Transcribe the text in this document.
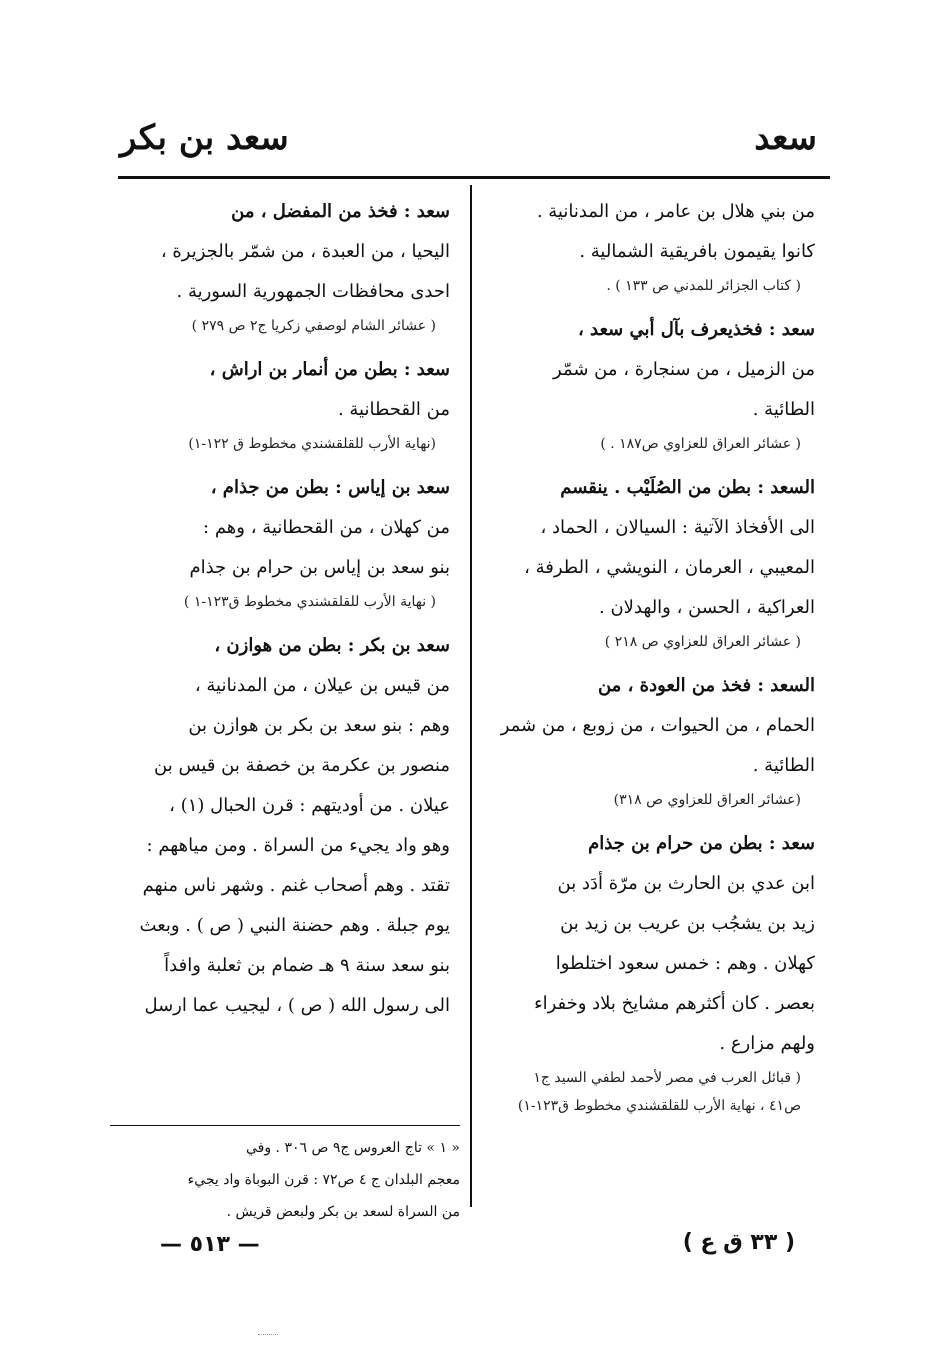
سعد
سعد بن بكر
من بني هلال بن عامر ، من المدنانية .
كانوا يقيمون بافريقية الشمالية .
( كتاب الجزائر للمدني ص ١٣٣ ) .
سعد : فخذيعرف بآل أبي سعد ،
من الزميل ، من سنجارة ، من شمّر
الطائية .
( عشائر العراق للعزاوي ص١٨٧ . )
السعد : بطن من الصُلَيْب . ينقسم
الى الأفخاذ الآتية : السيالان ، الحماد ،
المعيبي ، العرمان ، النويشي ، الطرفة ،
العراكية ، الحسن ، والهدلان .
( عشائر العراق للعزاوي ص ٢١٨ )
السعد : فخذ من العودة ، من
الحمام ، من الحيوات ، من زوبع ، من شمر
الطائية .
(عشائر العراق للعزاوي ص ٣١٨)
سعد : بطن من حرام بن جذام
ابن عدي بن الحارث بن مرّة أدَد بن
زيد بن يشجُب بن عريب بن زيد بن
كهلان . وهم : خمس سعود اختلطوا
بعصر . كان أكثرهم مشايخ بلاد وخفراء
ولهم مزارع .
( قبائل العرب في مصر لأحمد لطفي السيد ج١
ص٤١ ، نهاية الأرب للقلقشندي مخطوط ق١٢٣-١)
سعد : فخذ من المفضل ، من
اليحيا ، من العبدة ، من شمّر بالجزيرة ،
احدى محافظات الجمهورية السورية .
( عشائر الشام لوصفي زكريا ج٢ ص ٢٧٩ )
سعد : بطن من أنمار بن اراش ،
من القحطانية .
(نهاية الأرب للقلقشندي مخطوط ق ١٢٢-١)
سعد بن إياس : بطن من جذام ،
من كهلان ، من القحطانية ، وهم :
بنو سعد بن إياس بن حرام بن جذام
( نهاية الأرب للقلقشندي مخطوط ق١٢٣-١ )
سعد بن بكر : بطن من هوازن ،
من قيس بن عيلان ، من المدنانية ،
وهم : بنو سعد بن بكر بن هوازن بن
منصور بن عكرمة بن خصفة بن قيس بن
عيلان . من أوديتهم : قرن الحبال (١) ،
وهو واد يجيء من السراة . ومن مياههم :
تقتد . وهم أصحاب غنم . وشهر ناس منهم
يوم جبلة . وهم حضنة النبي ( ص ) . وبعث
بنو سعد سنة ٩ هـ ضمام بن ثعلبة وافداً
الى رسول الله ( ص ) ، ليجيب عما ارسل
« ١ » تاج العروس ج٩ ص ٣٠٦ . وفي
معجم البلدان ج ٤ ص٧٢ : قرن البوباة واد يجيء
من السراة لسعد بن بكر ولبعض قريش .
— ٥١٣ —	( ٣٣ ق ع )
